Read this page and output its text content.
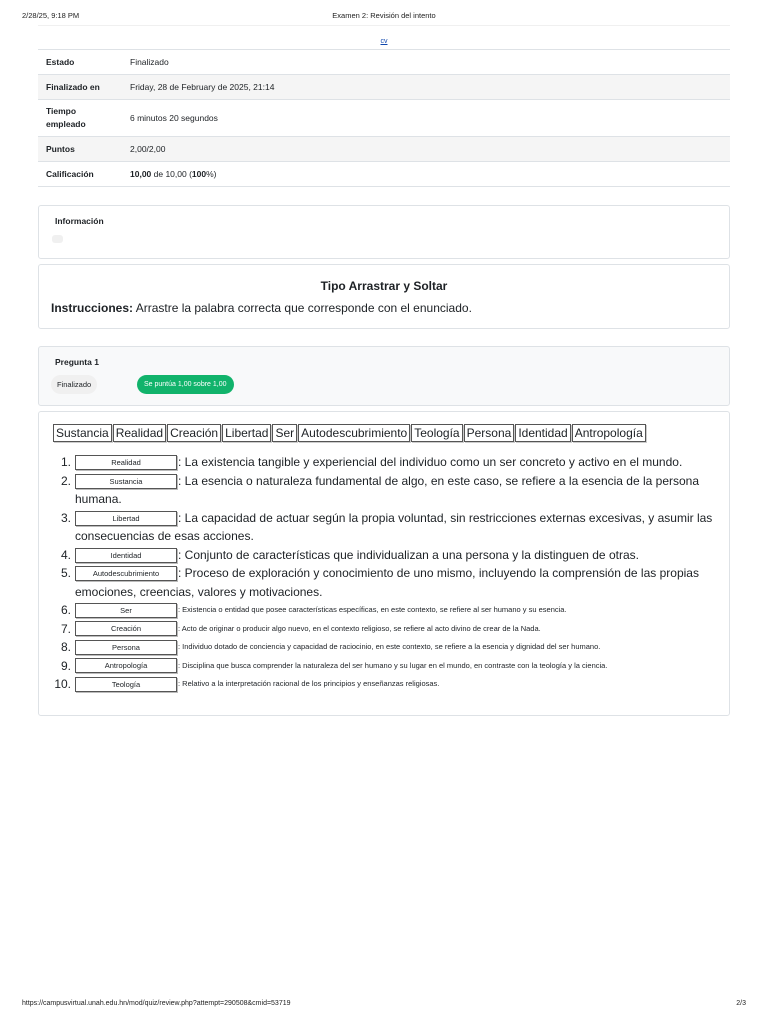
2/28/25, 9:18 PM	Examen 2: Revisión del intento
cv
Estado	Finalizado
Finalizado en	Friday, 28 de February de 2025, 21:14
Tiempo empleado	6 minutos 20 segundos
Puntos	2,00/2,00
Calificación	10,00 de 10,00 (100%)
Información
Tipo Arrastrar y Soltar
Instrucciones: Arrastre la palabra correcta que corresponde con el enunciado.
Pregunta 1
Finalizado	Se puntúa 1,00 sobre 1,00
Sustancia Realidad Creación Libertad Ser Autodescubrimiento Teología Persona Identidad Antropología
1.	Realidad	: La existencia tangible y experiencial del individuo como un ser concreto y activo en el mundo.
2.	Sustancia	: La esencia o naturaleza fundamental de algo, en este caso, se refiere a la esencia de la persona humana.
3.	Libertad	: La capacidad de actuar según la propia voluntad, sin restricciones externas excesivas, y asumir las consecuencias de esas acciones.
4.	Identidad	: Conjunto de características que individualizan a una persona y la distinguen de otras.
5.	Autodescubrimiento : Proceso de exploración y conocimiento de uno mismo, incluyendo la comprensión de las propias emociones, creencias, valores y motivaciones.
6.	Ser	: Existencia o entidad que posee características específicas, en este contexto, se refiere al ser humano y su esencia.
7.	Creación	: Acto de originar o producir algo nuevo, en el contexto religioso, se refiere al acto divino de crear de la Nada.
8.	Persona	: Individuo dotado de conciencia y capacidad de raciocinio, en este contexto, se refiere a la esencia y dignidad del ser humano.
9.	Antropología	: Disciplina que busca comprender la naturaleza del ser humano y su lugar en el mundo, en contraste con la teología y la ciencia.
10.	Teología	: Relativo a la interpretación racional de los principios y enseñanzas religiosas.
https://campusvirtual.unah.edu.hn/mod/quiz/review.php?attempt=290508&cmid=53719	2/3
